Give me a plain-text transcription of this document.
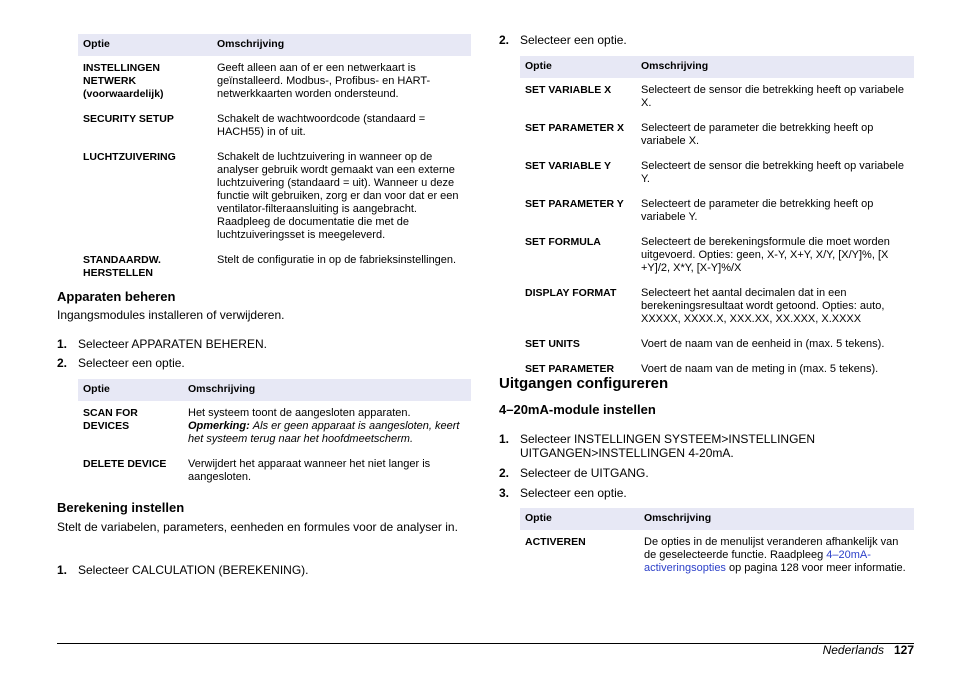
Optie	Omschrijving
INSTELLINGEN NETWERK (voorwaardelijk)	Geeft alleen aan of er een netwerkaart is geïnstalleerd. Modbus-, Profibus- en HART-netwerkkaarten worden ondersteund.
SECURITY SETUP	Schakelt de wachtwoordcode (standaard = HACH55) in of uit.
LUCHTZUIVERING	Schakelt de luchtzuivering in wanneer op de analyser gebruik wordt gemaakt van een externe luchtzuivering (standaard = uit). Wanneer u deze functie wilt gebruiken, zorg er dan voor dat er een ventilator-filteraansluiting is aangebracht. Raadpleeg de documentatie die met de luchtzuiveringsset is meegeleverd.
STANDAARDW. HERSTELLEN	Stelt de configuratie in op de fabrieksinstellingen.
Apparaten beheren
Ingangsmodules installeren of verwijderen.
1. Selecteer APPARATEN BEHEREN.
2. Selecteer een optie.
Optie	Omschrijving
SCAN FOR DEVICES	Het systeem toont de aangesloten apparaten.
Opmerking: Als er geen apparaat is aangesloten, keert het systeem terug naar het hoofdmeetscherm.
DELETE DEVICE	Verwijdert het apparaat wanneer het niet langer is aangesloten.
Berekening instellen
Stelt de variabelen, parameters, eenheden en formules voor de analyser in.
1. Selecteer CALCULATION (BEREKENING).
2. Selecteer een optie.
Optie	Omschrijving
SET VARIABLE X	Selecteert de sensor die betrekking heeft op variabele X.
SET PARAMETER X	Selecteert de parameter die betrekking heeft op variabele X.
SET VARIABLE Y	Selecteert de sensor die betrekking heeft op variabele Y.
SET PARAMETER Y	Selecteert de parameter die betrekking heeft op variabele Y.
SET FORMULA	Selecteert de berekeningsformule die moet worden uitgevoerd. Opties: geen, X-Y, X+Y, X/Y, [X/Y]%, [X +Y]/2, X*Y, [X-Y]%/X
DISPLAY FORMAT	Selecteert het aantal decimalen dat in een berekeningsresultaat wordt getoond. Opties: auto, XXXXX, XXXX.X, XXX.XX, XX.XXX, X.XXXX
SET UNITS	Voert de naam van de eenheid in (max. 5 tekens).
SET PARAMETER	Voert de naam van de meting in (max. 5 tekens).
Uitgangen configureren
4–20mA-module instellen
1. Selecteer INSTELLINGEN SYSTEEM>INSTELLINGEN UITGANGEN>INSTELLINGEN 4-20mA.
2. Selecteer de UITGANG.
3. Selecteer een optie.
Optie	Omschrijving
ACTIVEREN	De opties in de menulijst veranderen afhankelijk van de geselecteerde functie. Raadpleeg 4–20mA-activeringsopties op pagina 128 voor meer informatie.
Nederlands 127
